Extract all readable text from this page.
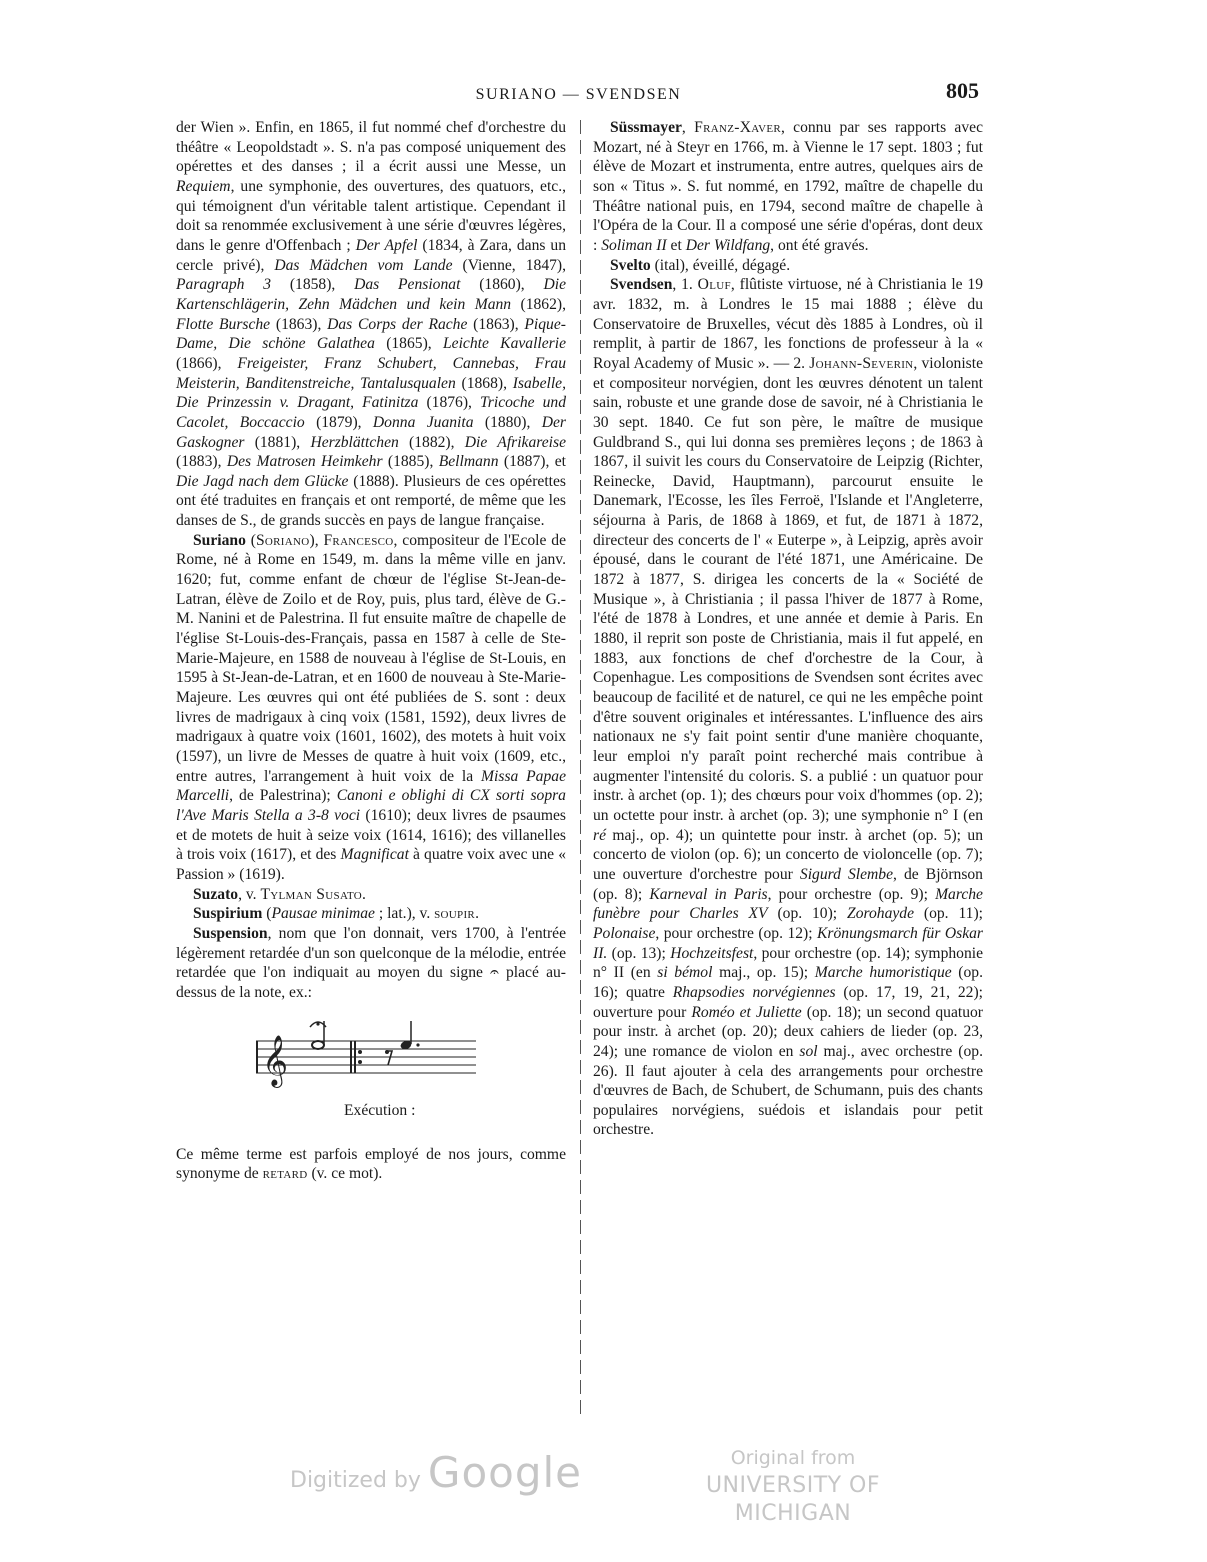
SURIANO — SVENDSEN	805

der Wien ». Enfin, en 1865, il fut nommé chef d'orchestre du théâtre « Leopoldstadt ». S. n'a pas composé uniquement des opérettes et des danses ; il a écrit aussi une Messe, un Requiem, une symphonie, des ouvertures, des quatuors, etc., qui témoignent d'un véritable talent artistique. Cependant il doit sa renommée exclusivement à une série d'œuvres légères, dans le genre d'Offenbach ; Der Apfel (1834, à Zara, dans un cercle privé), Das Mädchen vom Lande (Vienne, 1847), Paragraph 3 (1858), Das Pensionat (1860), Die Kartenschlägerin, Zehn Mädchen und kein Mann (1862), Flotte Bursche (1863), Das Corps der Rache (1863), Pique-Dame, Die schöne Galathea (1865), Leichte Kavallerie (1866), Freigeister, Franz Schubert, Cannebas, Frau Meisterin, Banditenstreiche, Tantalusqualen (1868), Isabelle, Die Prinzessin v. Dragant, Fatinitza (1876), Tricoche und Cacolet, Boccaccio (1879), Donna Juanita (1880), Der Gaskogner (1881), Herzblättchen (1882), Die Afrikareise (1883), Des Matrosen Heimkehr (1885), Bellmann (1887), et Die Jagd nach dem Glücke (1888). Plusieurs de ces opérettes ont été traduites en français et ont remporté, de même que les danses de S., de grands succès en pays de langue française.

Suriano (Soriano), Francesco, compositeur de l'Ecole de Rome, né à Rome en 1549, m. dans la même ville en janv. 1620; fut, comme enfant de chœur de l'église St-Jean-de-Latran, élève de Zoilo et de Roy, puis, plus tard, élève de G.-M. Nanini et de Palestrina. Il fut ensuite maître de chapelle de l'église St-Louis-des-Français, passa en 1587 à celle de Ste-Marie-Majeure, en 1588 de nouveau à l'église de St-Louis, en 1595 à St-Jean-de-Latran, et en 1600 de nouveau à Ste-Marie-Majeure. Les œuvres qui ont été publiées de S. sont : deux livres de madrigaux à cinq voix (1581, 1592), deux livres de madrigaux à quatre voix (1601, 1602), des motets à huit voix (1597), un livre de Messes de quatre à huit voix (1609, etc., entre autres, l'arrangement à huit voix de la Missa Papae Marcelli, de Palestrina); Canoni e oblighi di CX sorti sopra l'Ave Maris Stella a 3-8 voci (1610); deux livres de psaumes et de motets de huit à seize voix (1614, 1616); des villanelles à trois voix (1617), et des Magnificat à quatre voix avec une « Passion » (1619).

Suzato, v. Tylman Susato.

Suspirium (Pausae minimae ; lat.), v. soupir.

Suspension, nom que l'on donnait, vers 1700, à l'entrée légèrement retardée d'un son quelconque de la mélodie, entrée retardée que l'on indiquait au moyen du signe 𝄐 placé au-dessus de la note, ex.:

𝄞
Exécution :

Ce même terme est parfois employé de nos jours, comme synonyme de retard (v. ce mot).

Süssmayer, Franz-Xaver, connu par ses rapports avec Mozart, né à Steyr en 1766, m. à Vienne le 17 sept. 1803 ; fut élève de Mozart et instrumenta, entre autres, quelques airs de son « Titus ». S. fut nommé, en 1792, maître de chapelle du Théâtre national puis, en 1794, second maître de chapelle à l'Opéra de la Cour. Il a composé une série d'opéras, dont deux : Soliman II et Der Wildfang, ont été gravés.

Svelto (ital), éveillé, dégagé.

Svendsen, 1. Oluf, flûtiste virtuose, né à Christiania le 19 avr. 1832, m. à Londres le 15 mai 1888 ; élève du Conservatoire de Bruxelles, vécut dès 1885 à Londres, où il remplit, à partir de 1867, les fonctions de professeur à la « Royal Academy of Music ». — 2. Johann-Severin, violoniste et compositeur norvégien, dont les œuvres dénotent un talent sain, robuste et une grande dose de savoir, né à Christiania le 30 sept. 1840. Ce fut son père, le maître de musique Guldbrand S., qui lui donna ses premières leçons ; de 1863 à 1867, il suivit les cours du Conservatoire de Leipzig (Richter, Reinecke, David, Hauptmann), parcourut ensuite le Danemark, l'Ecosse, les îles Ferroë, l'Islande et l'Angleterre, séjourna à Paris, de 1868 à 1869, et fut, de 1871 à 1872, directeur des concerts de l' « Euterpe », à Leipzig, après avoir épousé, dans le courant de l'été 1871, une Américaine. De 1872 à 1877, S. dirigea les concerts de la « Société de Musique », à Christiania ; il passa l'hiver de 1877 à Rome, l'été de 1878 à Londres, et une année et demie à Paris. En 1880, il reprit son poste de Christiania, mais il fut appelé, en 1883, aux fonctions de chef d'orchestre de la Cour, à Copenhague. Les compositions de Svendsen sont écrites avec beaucoup de facilité et de naturel, ce qui ne les empêche point d'être souvent originales et intéressantes. L'influence des airs nationaux ne s'y fait point sentir d'une manière choquante, leur emploi n'y paraît point recherché mais contribue à augmenter l'intensité du coloris. S. a publié : un quatuor pour instr. à archet (op. 1); des chœurs pour voix d'hommes (op. 2); un octette pour instr. à archet (op. 3); une symphonie n° I (en ré maj., op. 4); un quintette pour instr. à archet (op. 5); un concerto de violon (op. 6); un concerto de violoncelle (op. 7); une ouverture d'orchestre pour Sigurd Slembe, de Björnson (op. 8); Karneval in Paris, pour orchestre (op. 9); Marche funèbre pour Charles XV (op. 10); Zorohayde (op. 11); Polonaise, pour orchestre (op. 12); Krönungsmarch für Oskar II. (op. 13); Hochzeitsfest, pour orchestre (op. 14); symphonie n° II (en si bémol maj., op. 15); Marche humoristique (op. 16); quatre Rhapsodies norvégiennes (op. 17, 19, 21, 22); ouverture pour Roméo et Juliette (op. 18); un second quatuor pour instr. à archet (op. 20); deux cahiers de lieder (op. 23, 24); une romance de violon en sol maj., avec orchestre (op. 26). Il faut ajouter à cela des arrangements pour orchestre d'œuvres de Bach, de Schubert, de Schumann, puis des chants populaires norvégiens, suédois et islandais pour petit orchestre.

Digitized by Google	Original from
UNIVERSITY OF MICHIGAN
